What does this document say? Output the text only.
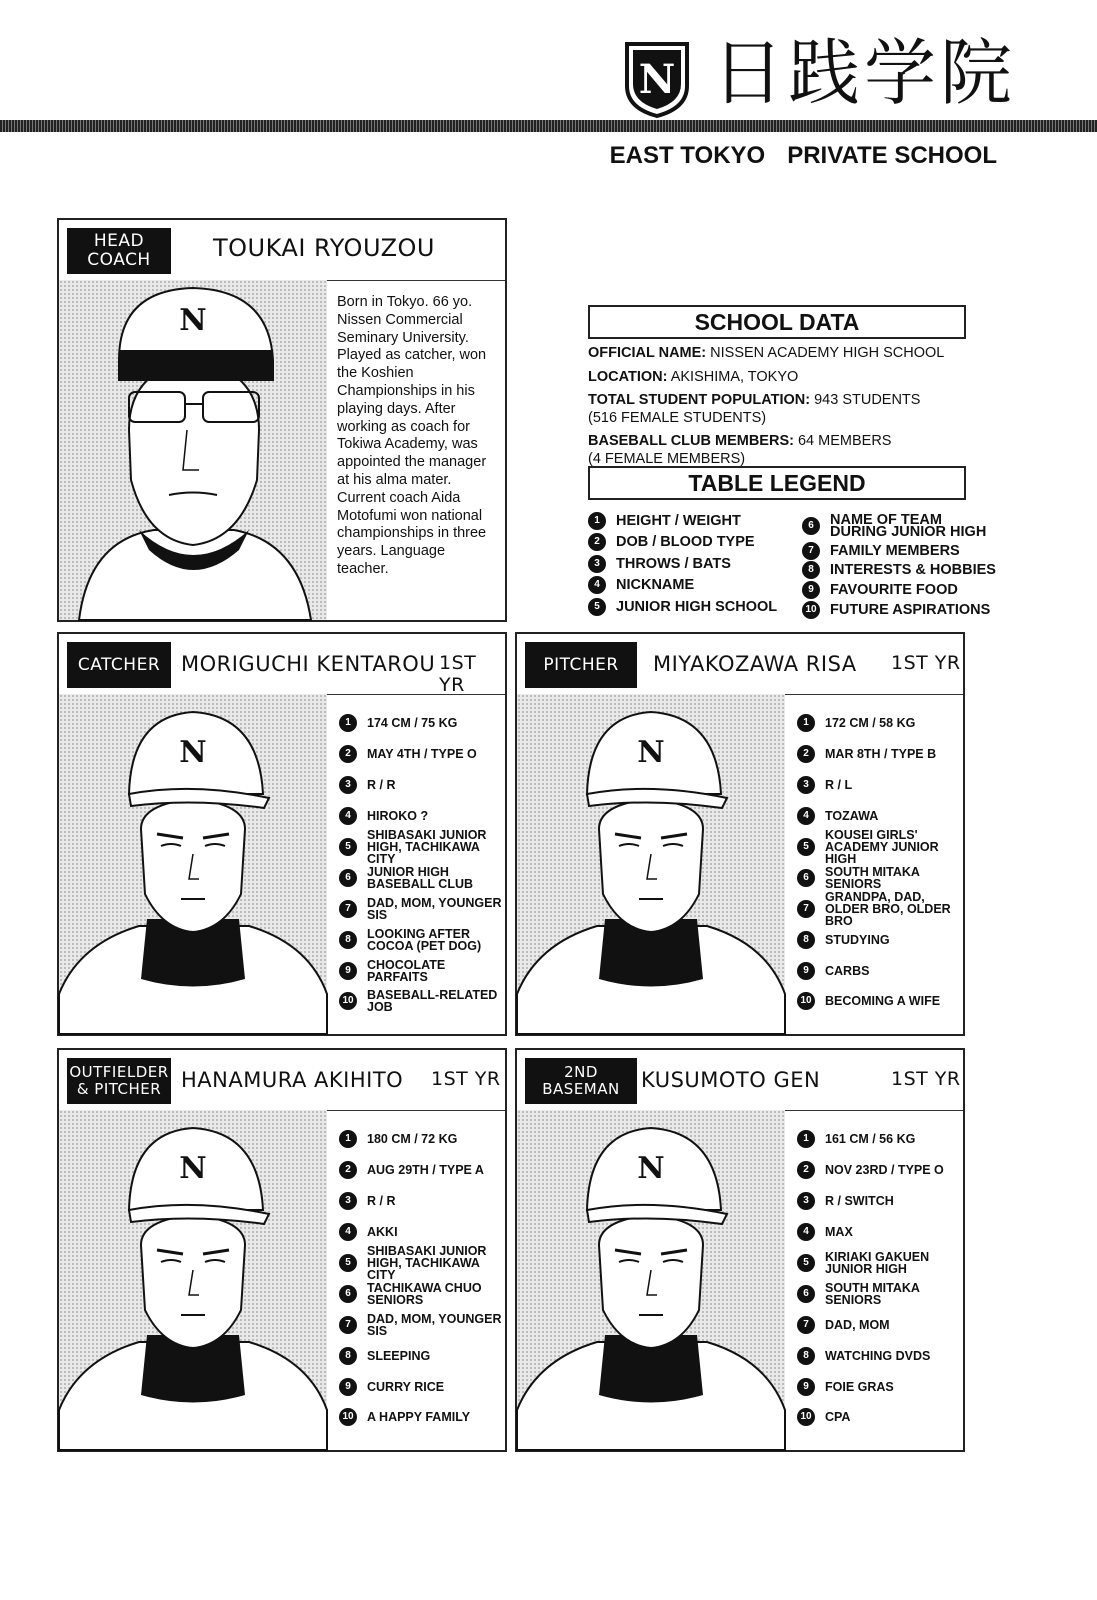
N 日践学院
EAST TOKYO PRIVATE SCHOOL
HEAD COACH	TOUKAI RYOUZOU
N
Born in Tokyo. 66 yo. Nissen Commercial Seminary University. Played as catcher, won the Koshien Championships in his playing days. After working as coach for Tokiwa Academy, was appointed the manager at his alma mater. Current coach Aida Motofumi won national championships in three years. Language teacher.
SCHOOL DATA
OFFICIAL NAME: NISSEN ACADEMY HIGH SCHOOL
LOCATION: AKISHIMA, TOKYO
TOTAL STUDENT POPULATION: 943 STUDENTS
(516 FEMALE STUDENTS)
BASEBALL CLUB MEMBERS: 64 MEMBERS
(4 FEMALE MEMBERS)
TABLE LEGEND
1	HEIGHT / WEIGHT
2	DOB / BLOOD TYPE
3	THROWS / BATS
4	NICKNAME
5	JUNIOR HIGH SCHOOL
6	NAME OF TEAM DURING JUNIOR HIGH
7	FAMILY MEMBERS
8	INTERESTS & HOBBIES
9	FAVOURITE FOOD
10 FUTURE ASPIRATIONS
CATCHER MORIGUCHI KENTAROU 1ST YR
N
1	174 CM / 75 KG
2	MAY 4TH / TYPE O
3	R / R
4	HIROKO ?
5
SHIBASAKI JUNIOR HIGH, TACHIKAWA CITY
6	JUNIOR HIGH BASEBALL CLUB
7	DAD, MOM, YOUNGER SIS
8	LOOKING AFTER COCOA (PET DOG)
9	CHOCOLATE PARFAITS
10 BASEBALL-RELATED JOB
PITCHER	MIYAKOZAWA RISA 1ST YR
N
1	172 CM / 58 KG
2	MAR 8TH / TYPE B
3	R / L
4	TOZAWA
5
KOUSEI GIRLS' ACADEMY JUNIOR HIGH
6	SOUTH MITAKA SENIORS
7
GRANDPA, DAD, OLDER BRO, OLDER BRO
8	STUDYING
9	CARBS
10 BECOMING A WIFE
OUTFIELDER & PITCHER HANAMURA AKIHITO 1ST YR
N
1	180 CM / 72 KG
2	AUG 29TH / TYPE A
3	R / R
4	AKKI
5
SHIBASAKI JUNIOR HIGH, TACHIKAWA CITY
6	TACHIKAWA CHUO SENIORS
7	DAD, MOM, YOUNGER SIS
8	SLEEPING
9	CURRY RICE
10 A HAPPY FAMILY
2ND BASEMAN	KUSUMOTO GEN	1ST YR
N
1	161 CM / 56 KG
2	NOV 23RD / TYPE O
3	R / SWITCH
4	MAX
5	KIRIAKI GAKUEN JUNIOR HIGH
6	SOUTH MITAKA SENIORS
7	DAD, MOM
8	WATCHING DVDS
9	FOIE GRAS
10 CPA
